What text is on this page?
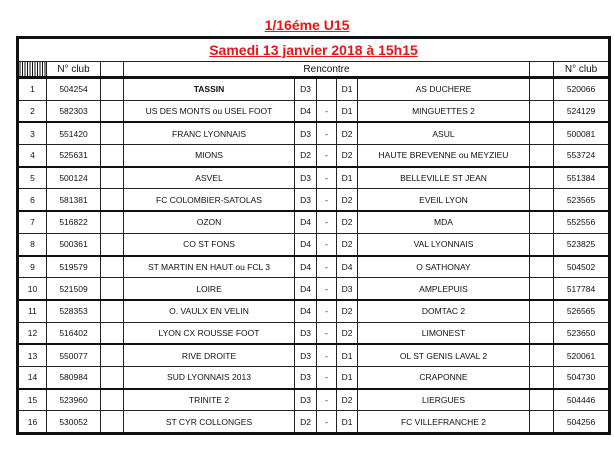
1/16éme U15
Samedi 13 janvier 2018 à 15h15									
	N° club		Rencontre						N° club
1	504254		TASSIN	D3		D1	AS DUCHERE		520066
2	582303		US DES MONTS ou USEL FOOT	D4	-	D1	MINGUETTES 2		524129
3	551420		FRANC LYONNAIS	D3	-	D2	ASUL		500081
4	525631		MIONS	D2	-	D2	HAUTE BREVENNE ou MEYZIEU		553724
5	500124		ASVEL	D3	-	D1	BELLEVILLE ST JEAN		551384
6	581381		FC COLOMBIER-SATOLAS	D3	-	D2	EVEIL LYON		523565
7	516822		OZON	D4	-	D2	MDA		552556
8	500361		CO ST FONS	D4	-	D2	VAL LYONNAIS		523825
9	519579		ST MARTIN EN HAUT ou FCL 3	D4	-	D4	O SATHONAY		504502
10	521509		LOIRE	D4	-	D3	AMPLEPUIS		517784
11	528353		O. VAULX EN VELIN	D4	-	D2	DOMTAC 2		526565
12	516402		LYON CX ROUSSE FOOT	D3	-	D2	LIMONEST		523650
13	550077		RIVE DROITE	D3	-	D1	OL ST GENIS LAVAL 2		520061
14	580984		SUD LYONNAIS 2013	D3	-	D1	CRAPONNE		504730
15	523960		TRINITE 2	D3	-	D2	LIERGUES		504446
16	530052		ST CYR COLLONGES	D2	-	D1	FC VILLEFRANCHE 2		504256
